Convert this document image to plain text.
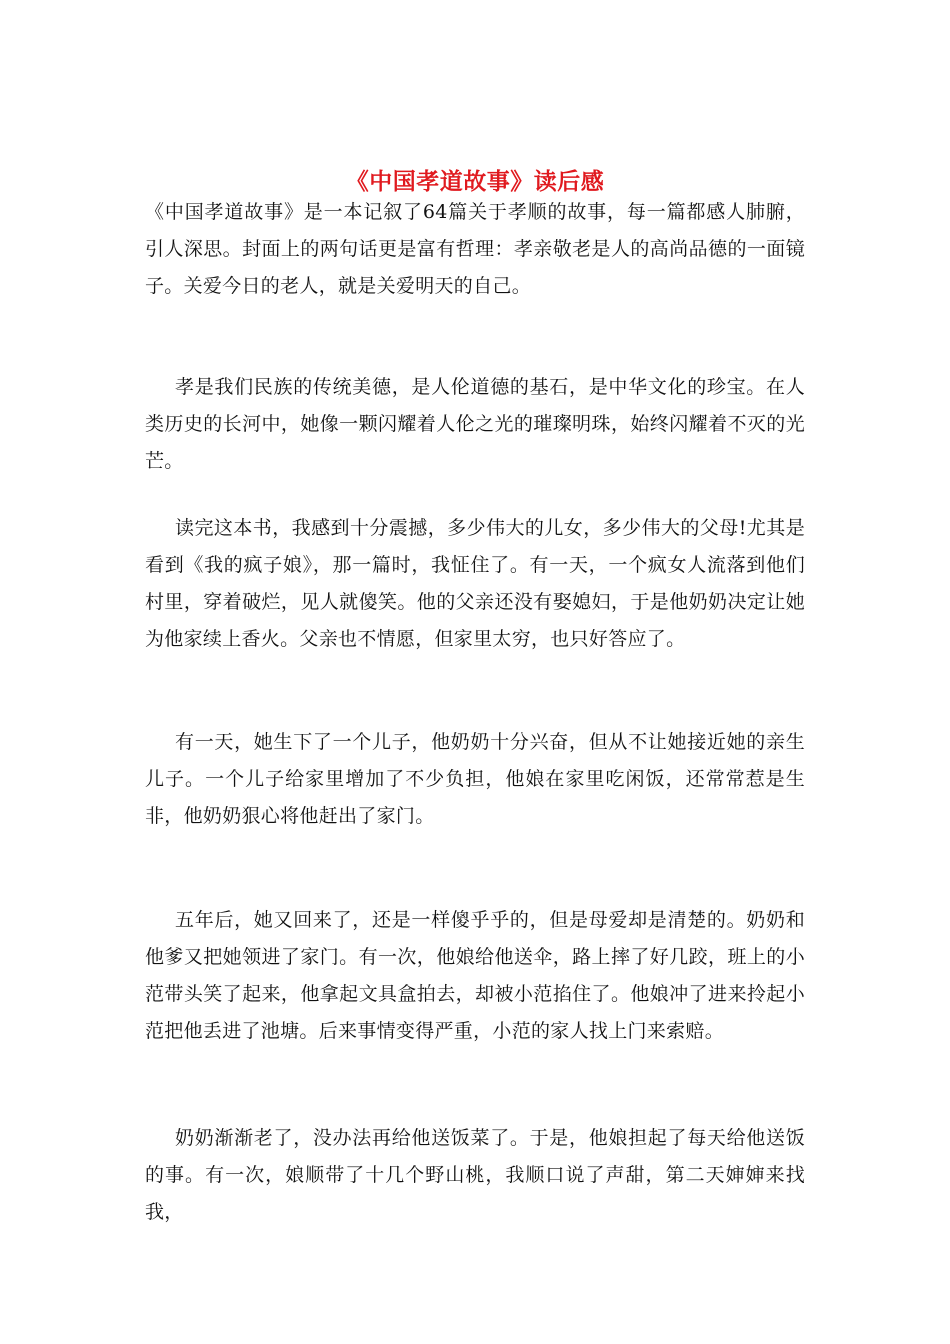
《中国孝道故事》读后感

《中国孝道故事》是一本记叙了64篇关于孝顺的故事，每一篇都感人肺腑，引人深思。封面上的两句话更是富有哲理：孝亲敬老是人的高尚品德的一面镜子。关爱今日的老人，就是关爱明天的自己。

孝是我们民族的传统美德，是人伦道德的基石，是中华文化的珍宝。在人类历史的长河中，她像一颗闪耀着人伦之光的璀璨明珠，始终闪耀着不灭的光芒。

读完这本书，我感到十分震撼，多少伟大的儿女，多少伟大的父母!尤其是看到《我的疯子娘》，那一篇时，我怔住了。有一天，一个疯女人流落到他们村里，穿着破烂，见人就傻笑。他的父亲还没有娶媳妇，于是他奶奶决定让她为他家续上香火。父亲也不情愿，但家里太穷，也只好答应了。

有一天，她生下了一个儿子，他奶奶十分兴奋，但从不让她接近她的亲生儿子。一个儿子给家里增加了不少负担，他娘在家里吃闲饭，还常常惹是生非，他奶奶狠心将他赶出了家门。

五年后，她又回来了，还是一样傻乎乎的，但是母爱却是清楚的。奶奶和他爹又把她领进了家门。有一次，他娘给他送伞，路上摔了好几跤，班上的小范带头笑了起来，他拿起文具盒拍去，却被小范掐住了。他娘冲了进来拎起小范把他丢进了池塘。后来事情变得严重，小范的家人找上门来索赔。

奶奶渐渐老了，没办法再给他送饭菜了。于是，他娘担起了每天给他送饭的事。有一次，娘顺带了十几个野山桃，我顺口说了声甜，第二天婶婶来找我，
